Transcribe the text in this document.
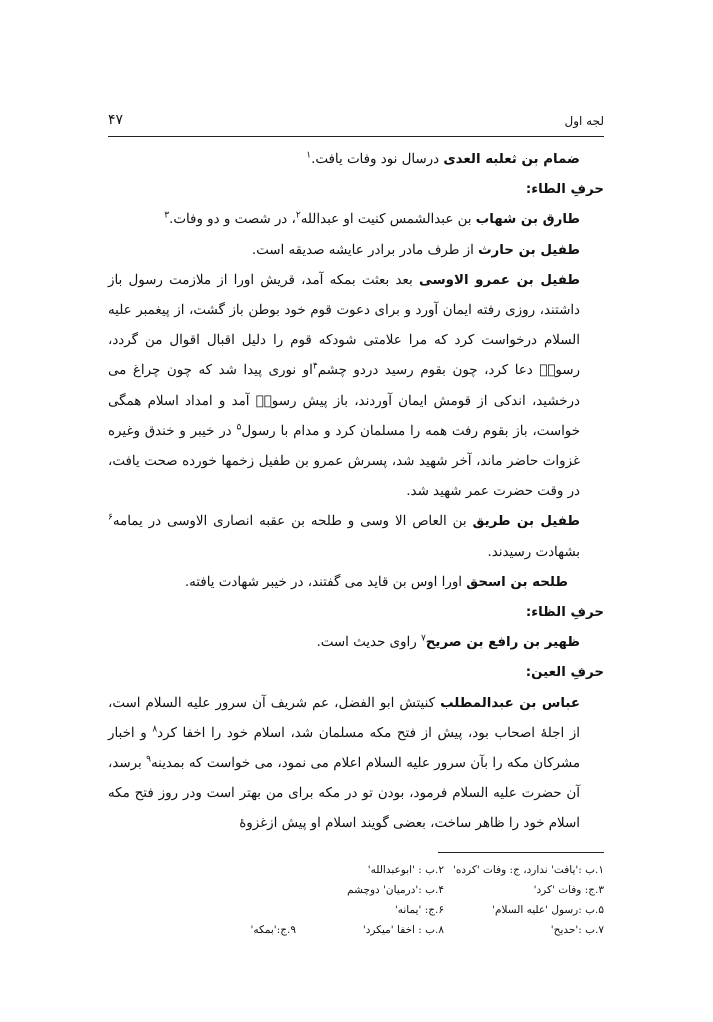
لجه اول
۴۷

ضمام بن ثعلبه العدی درسال نود وفات یافت.$^۱$

حرفِ الطاء:

طارق بن شهاب بن عبدالشمس کنیت او عبدالله$^۲$، در شصت و دو وفات.$^۳$

طفیل بن حارث از طرف مادر برادر عایشه صدیقه است.

طفیل بن عمرو الاوسی بعد بعثت بمکه آمد، قریش اورا از ملازمت رسول باز داشتند، روزی رفته ایمان آورد و برای دعوت قوم خود بوطن باز گشت، از پیغمبر علیه السلام درخواست کرد که مرا علامتی شودکه قوم را دلیل اقبال اقوال من گردد، رسولؐ دعا کرد، چون بقوم رسید دردو چشم$^۴$او نوری پیدا شد که چون چراغ می درخشید، اندکی از قومش ایمان آوردند، باز پیش رسولؐ آمد و امداد اسلام همگی خواست، باز بقوم رفت همه را مسلمان کرد و مدام با رسول$^۵$ در خیبر و خندق وغیره غزوات حاضر ماند، آخر شهید شد، پسرش عمرو بن طفیل زخمها خورده صحت یافت، در وقت حضرت عمر شهید شد.

طفیل بن طریق بن العاص الا وسی و طلحه بن عقبه انصاری الاوسی در یمامه$^۶$ بشهادت رسیدند.

طلحه بن اسحق اورا اوس بن قاید می گفتند، در خیبر شهادت یافته.

حرفِ الظاء:

ظهیر بن رافع بن صریح$^۷$ راوی حدیث است.

حرفِ العین:

عباس بن عبدالمطلب کنیتش ابو الفضل، عم شریف آن سرور علیه السلام است، از اجلهٔ اصحاب بود، پیش از فتح مکه مسلمان شد، اسلام خود را اخفا کرد$^۸$ و اخبار مشرکان مکه را بآن سرور علیه السلام اعلام می نمود، می خواست که بمدینه$^۹$ برسد، آن حضرت علیه السلام فرمود، بودن تو در مکه برای من بهتر است ودر روز فتح مکه اسلام خود را ظاهر ساخت، بعضی گویند اسلام او پیش ازغزوهٔ

۱.ب :'یافت' ندارد، ج: وفات 'کرده'
۲.ب : 'ابوعبدالله'
۳.ج: وفات 'کرد'
۴.ب :'درمیان' دوچشم
۵.ب :رسول 'علیه السلام'
۶.ج: 'یمانه'
۷.ب :'حدیح'
۸.ب : اخفا 'میکرد'
۹.ج:'بمکه'
